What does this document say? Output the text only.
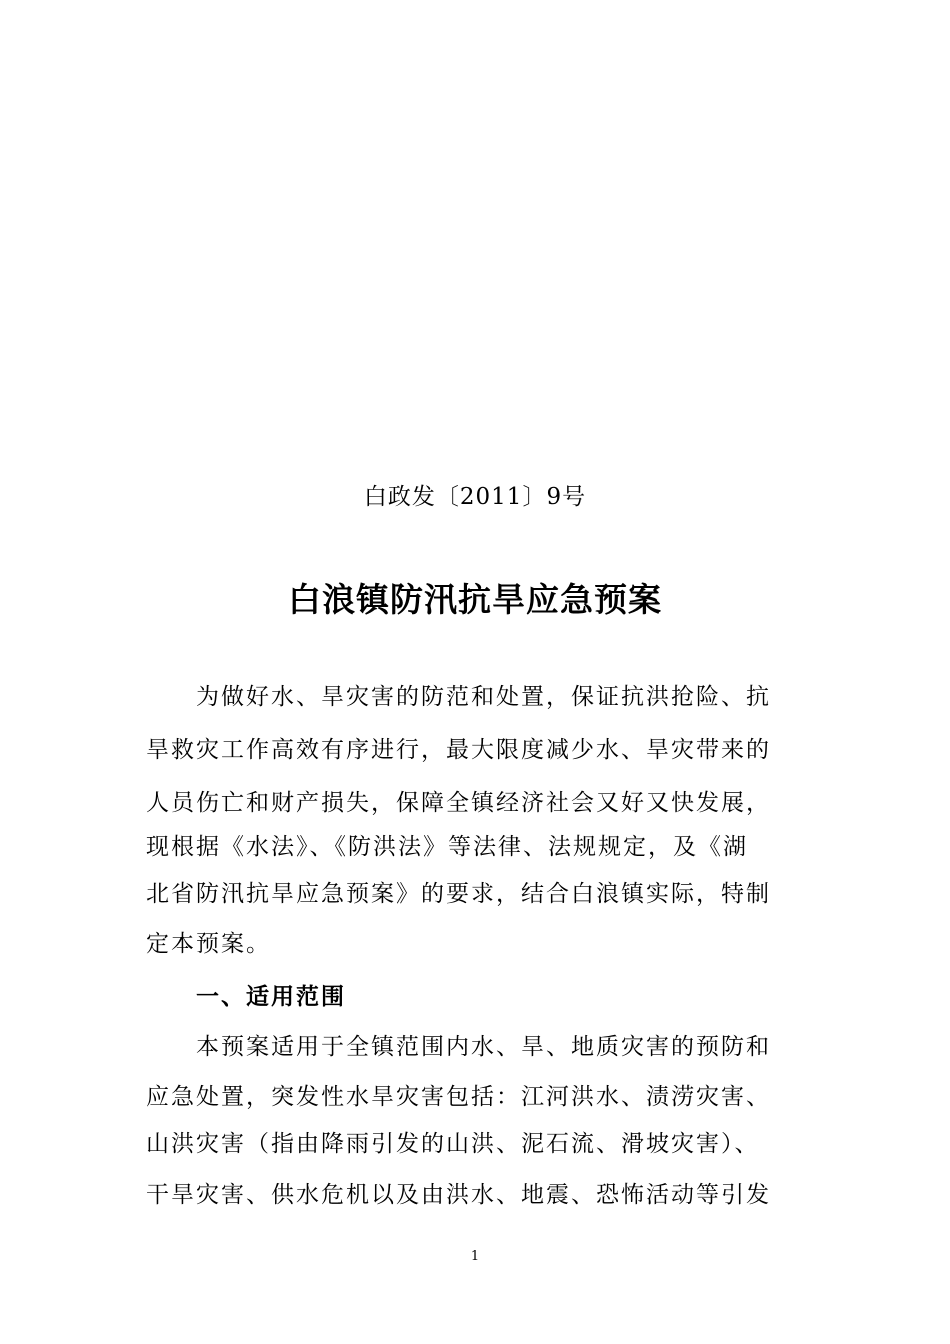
白政发〔2011〕9号
白浪镇防汛抗旱应急预案
为做好水、旱灾害的防范和处置，保证抗洪抢险、抗
旱救灾工作高效有序进行，最大限度减少水、旱灾带来的
人员伤亡和财产损失，保障全镇经济社会又好又快发展，
现根据《水法》、《防洪法》等法律、法规规定，及《湖
北省防汛抗旱应急预案》的要求，结合白浪镇实际，特制
定本预案。
一、适用范围
本预案适用于全镇范围内水、旱、地质灾害的预防和
应急处置，突发性水旱灾害包括：江河洪水、渍涝灾害、
山洪灾害（指由降雨引发的山洪、泥石流、滑坡灾害）、
干旱灾害、供水危机以及由洪水、地震、恐怖活动等引发
1
